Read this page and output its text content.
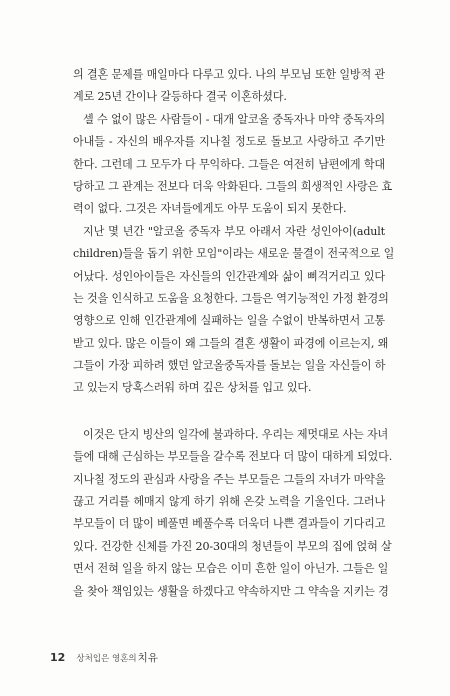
의 결혼 문제를 매일마다 다루고 있다. 나의 부모님 또한 일방적 관
계로 25년 간이나 갈등하다 결국 이혼하셨다.
셀 수 없이 많은 사람들이 - 대개 알코올 중독자나 마약 중독자의
아내들 - 자신의 배우자를 지나칠 정도로 돌보고 사랑하고 주기만
한다. 그런데 그 모두가 다 무익하다. 그들은 여전히 남편에게 학대
당하고 그 관계는 전보다 더욱 악화된다. 그들의 희생적인 사랑은 효
력이 없다. 그것은 자녀들에게도 아무 도움이 되지 못한다.
지난 몇 년간 "알코올 중독자 부모 아래서 자란 성인아이(adult
children)들을 돕기 위한 모임"이라는 새로운 물결이 전국적으로 일
어났다. 성인아이들은 자신들의 인간관계와 삶이 삐걱거리고 있다
는 것을 인식하고 도움을 요청한다. 그들은 역기능적인 가정 환경의
영향으로 인해 인간관계에 실패하는 일을 수없이 반복하면서 고통
받고 있다. 많은 이들이 왜 그들의 결혼 생활이 파경에 이르는지, 왜
그들이 가장 피하려 했던 알코올중독자를 돌보는 일을 자신들이 하
고 있는지 당혹스러워 하며 깊은 상처를 입고 있다.
이것은 단지 빙산의 일각에 불과하다. 우리는 제멋대로 사는 자녀
들에 대해 근심하는 부모들을 갈수록 전보다 더 많이 대하게 되었다.
지나칠 정도의 관심과 사랑을 주는 부모들은 그들의 자녀가 마약을
끊고 거리를 헤매지 않게 하기 위해 온갖 노력을 기울인다. 그러나
부모들이 더 많이 베풀면 베풀수록 더욱더 나쁜 결과들이 기다리고
있다. 건강한 신체를 가진 20-30대의 청년들이 부모의 집에 얹혀 살
면서 전혀 일을 하지 않는 모습은 이미 흔한 일이 아닌가. 그들은 일
을 찾아 책임있는 생활을 하겠다고 약속하지만 그 약속을 지키는 경
12 상처입은 영혼의치유
